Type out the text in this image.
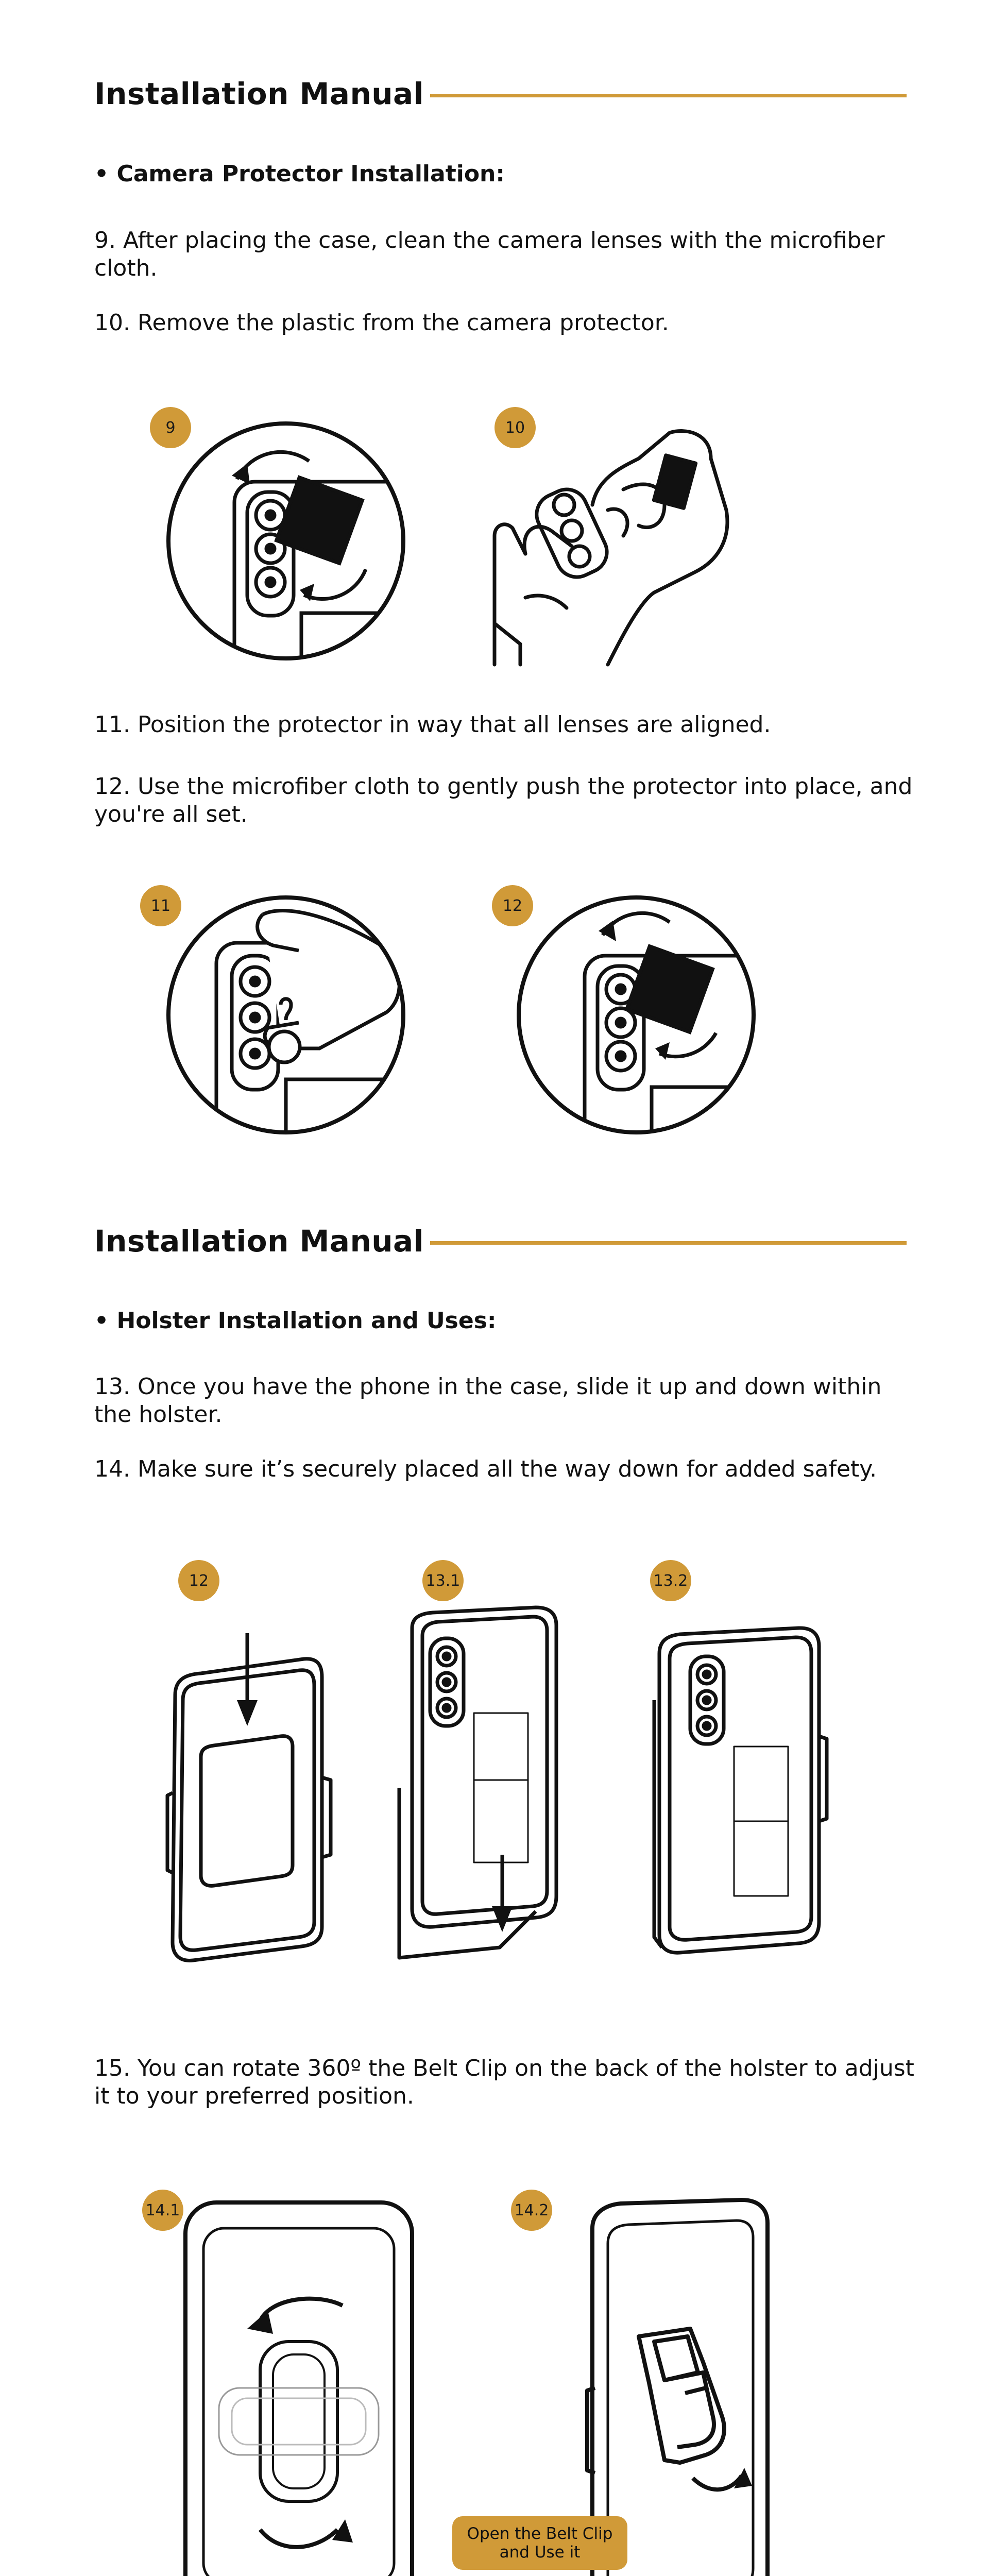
Installation Manual
• Camera Protector Installation:
9. After placing the case, clean the camera lenses with the microfiber cloth.
10. Remove the plastic from the camera protector.
9	10
11. Position the protector in way that all lenses are aligned.
12. Use the microfiber cloth to gently push the protector into place, and you're all set.
11	12
Installation Manual
• Holster Installation and Uses:
13. Once you have the phone in the case, slide it up and down within the holster.
14. Make sure it’s securely placed all the way down for added safety.
12	13.1	13.2
15. You can rotate 360º the Belt Clip on the back of the holster to adjust it to your preferred position.
14.1	14.2
Open the Belt Clip and Use it
